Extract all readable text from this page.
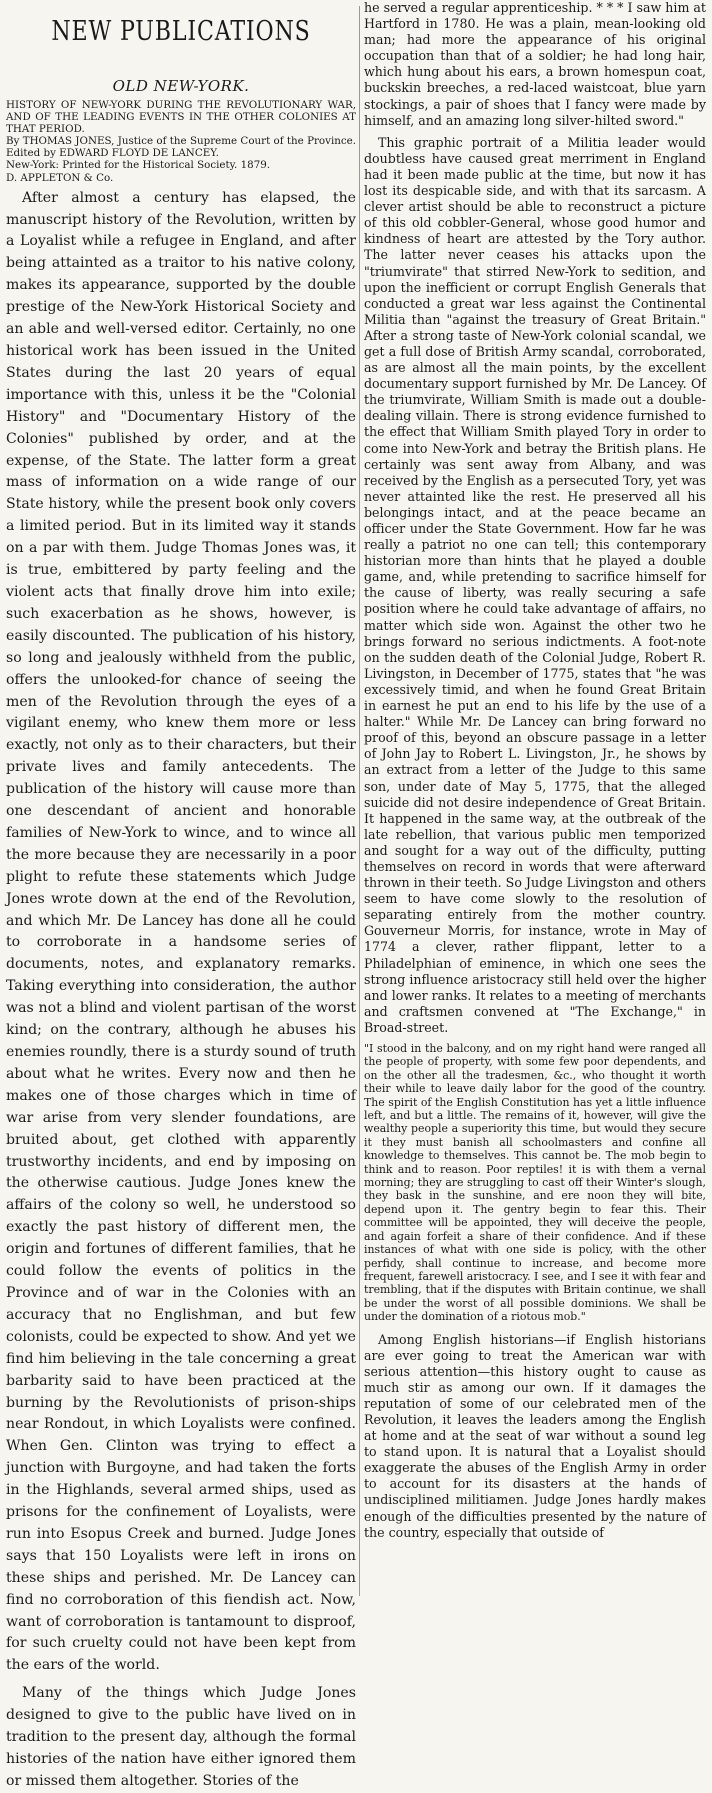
NEW PUBLICATIONS
OLD NEW-YORK.
HISTORY OF NEW-YORK DURING THE REVOLUTIONARY WAR, AND OF THE LEADING EVENTS IN THE OTHER COLONIES AT THAT PERIOD.
By THOMAS JONES, Justice of the Supreme Court of the Province. Edited by EDWARD FLOYD DE LANCEY.
New-York: Printed for the Historical Society. 1879.
D. APPLETON & Co.

After almost a century has elapsed, the manuscript history of the Revolution, written by a Loyalist while a refugee in England, and after being attainted as a traitor to his native colony, makes its appearance, supported by the double prestige of the New-York Historical Society and an able and well-versed editor. Certainly, no one historical work has been issued in the United States during the last 20 years of equal importance with this, unless it be the "Colonial History" and "Documentary History of the Colonies" published by order, and at the expense, of the State. The latter form a great mass of information on a wide range of our State history, while the present book only covers a limited period. But in its limited way it stands on a par with them. Judge Thomas Jones was, it is true, embittered by party feeling and the violent acts that finally drove him into exile; such exacerbation as he shows, however, is easily discounted. The publication of his history, so long and jealously withheld from the public, offers the unlooked-for chance of seeing the men of the Revolution through the eyes of a vigilant enemy, who knew them more or less exactly, not only as to their characters, but their private lives and family antecedents. The publication of the history will cause more than one descendant of ancient and honorable families of New-York to wince, and to wince all the more because they are necessarily in a poor plight to refute these statements which Judge Jones wrote down at the end of the Revolution, and which Mr. De Lancey has done all he could to corroborate in a handsome series of documents, notes, and explanatory remarks. Taking everything into consideration, the author was not a blind and violent partisan of the worst kind; on the contrary, although he abuses his enemies roundly, there is a sturdy sound of truth about what he writes. Every now and then he makes one of those charges which in time of war arise from very slender foundations, are bruited about, get clothed with apparently trustworthy incidents, and end by imposing on the otherwise cautious. Judge Jones knew the affairs of the colony so well, he understood so exactly the past history of different men, the origin and fortunes of different families, that he could follow the events of politics in the Province and of war in the Colonies with an accuracy that no Englishman, and but few colonists, could be expected to show. And yet we find him believing in the tale concerning a great barbarity said to have been practiced at the burning by the Revolutionists of prison-ships near Rondout, in which Loyalists were confined. When Gen. Clinton was trying to effect a junction with Burgoyne, and had taken the forts in the Highlands, several armed ships, used as prisons for the confinement of Loyalists, were run into Esopus Creek and burned. Judge Jones says that 150 Loyalists were left in irons on these ships and perished. Mr. De Lancey can find no corroboration of this fiendish act. Now, want of corroboration is tantamount to disproof, for such cruelty could not have been kept from the ears of the world.

Many of the things which Judge Jones designed to give to the public have lived on in tradition to the present day, although the formal histories of the nation have either ignored them or missed them altogether. Stories of the

he served a regular apprenticeship. * * * I saw him at Hartford in 1780. He was a plain, mean-looking old man; had more the appearance of his original occupation than that of a soldier; he had long hair, which hung about his ears, a brown homespun coat, buckskin breeches, a red-laced waistcoat, blue yarn stockings, a pair of shoes that I fancy were made by himself, and an amazing long silver-hilted sword."

This graphic portrait of a Militia leader would doubtless have caused great merriment in England had it been made public at the time, but now it has lost its despicable side, and with that its sarcasm. A clever artist should be able to reconstruct a picture of this old cobbler-General, whose good humor and kindness of heart are attested by the Tory author. The latter never ceases his attacks upon the "triumvirate" that stirred New-York to sedition, and upon the inefficient or corrupt English Generals that conducted a great war less against the Continental Militia than "against the treasury of Great Britain." After a strong taste of New-York colonial scandal, we get a full dose of British Army scandal, corroborated, as are almost all the main points, by the excellent documentary support furnished by Mr. De Lancey. Of the triumvirate, William Smith is made out a double-dealing villain. There is strong evidence furnished to the effect that William Smith played Tory in order to come into New-York and betray the British plans. He certainly was sent away from Albany, and was received by the English as a persecuted Tory, yet was never attainted like the rest. He preserved all his belongings intact, and at the peace became an officer under the State Government. How far he was really a patriot no one can tell; this contemporary historian more than hints that he played a double game, and, while pretending to sacrifice himself for the cause of liberty, was really securing a safe position where he could take advantage of affairs, no matter which side won. Against the other two he brings forward no serious indictments. A foot-note on the sudden death of the Colonial Judge, Robert R. Livingston, in December of 1775, states that "he was excessively timid, and when he found Great Britain in earnest he put an end to his life by the use of a halter." While Mr. De Lancey can bring forward no proof of this, beyond an obscure passage in a letter of John Jay to Robert L. Livingston, Jr., he shows by an extract from a letter of the Judge to this same son, under date of May 5, 1775, that the alleged suicide did not desire independence of Great Britain. It happened in the same way, at the outbreak of the late rebellion, that various public men temporized and sought for a way out of the difficulty, putting themselves on record in words that were afterward thrown in their teeth. So Judge Livingston and others seem to have come slowly to the resolution of separating entirely from the mother country. Gouverneur Morris, for instance, wrote in May of 1774 a clever, rather flippant, letter to a Philadelphian of eminence, in which one sees the strong influence aristocracy still held over the higher and lower ranks. It relates to a meeting of merchants and craftsmen convened at "The Exchange," in Broad-street.

"I stood in the balcony, and on my right hand were ranged all the people of property, with some few poor dependents, and on the other all the tradesmen, &c., who thought it worth their while to leave daily labor for the good of the country. The spirit of the English Constitution has yet a little influence left, and but a little. The remains of it, however, will give the wealthy people a superiority this time, but would they secure it they must banish all schoolmasters and confine all knowledge to themselves. This cannot be. The mob begin to think and to reason. Poor reptiles! it is with them a vernal morning; they are struggling to cast off their Winter's slough, they bask in the sunshine, and ere noon they will bite, depend upon it. The gentry begin to fear this. Their committee will be appointed, they will deceive the people, and again forfeit a share of their confidence. And if these instances of what with one side is policy, with the other perfidy, shall continue to increase, and become more frequent, farewell aristocracy. I see, and I see it with fear and trembling, that if the disputes with Britain continue, we shall be under the worst of all possible dominions. We shall be under the domination of a riotous mob."

Among English historians—if English historians are ever going to treat the American war with serious attention—this history ought to cause as much stir as among our own. If it damages the reputation of some of our celebrated men of the Revolution, it leaves the leaders among the English at home and at the seat of war without a sound leg to stand upon. It is natural that a Loyalist should exaggerate the abuses of the English Army in order to account for its disasters at the hands of undisciplined militiamen. Judge Jones hardly makes enough of the difficulties presented by the nature of the country, especially that outside of
